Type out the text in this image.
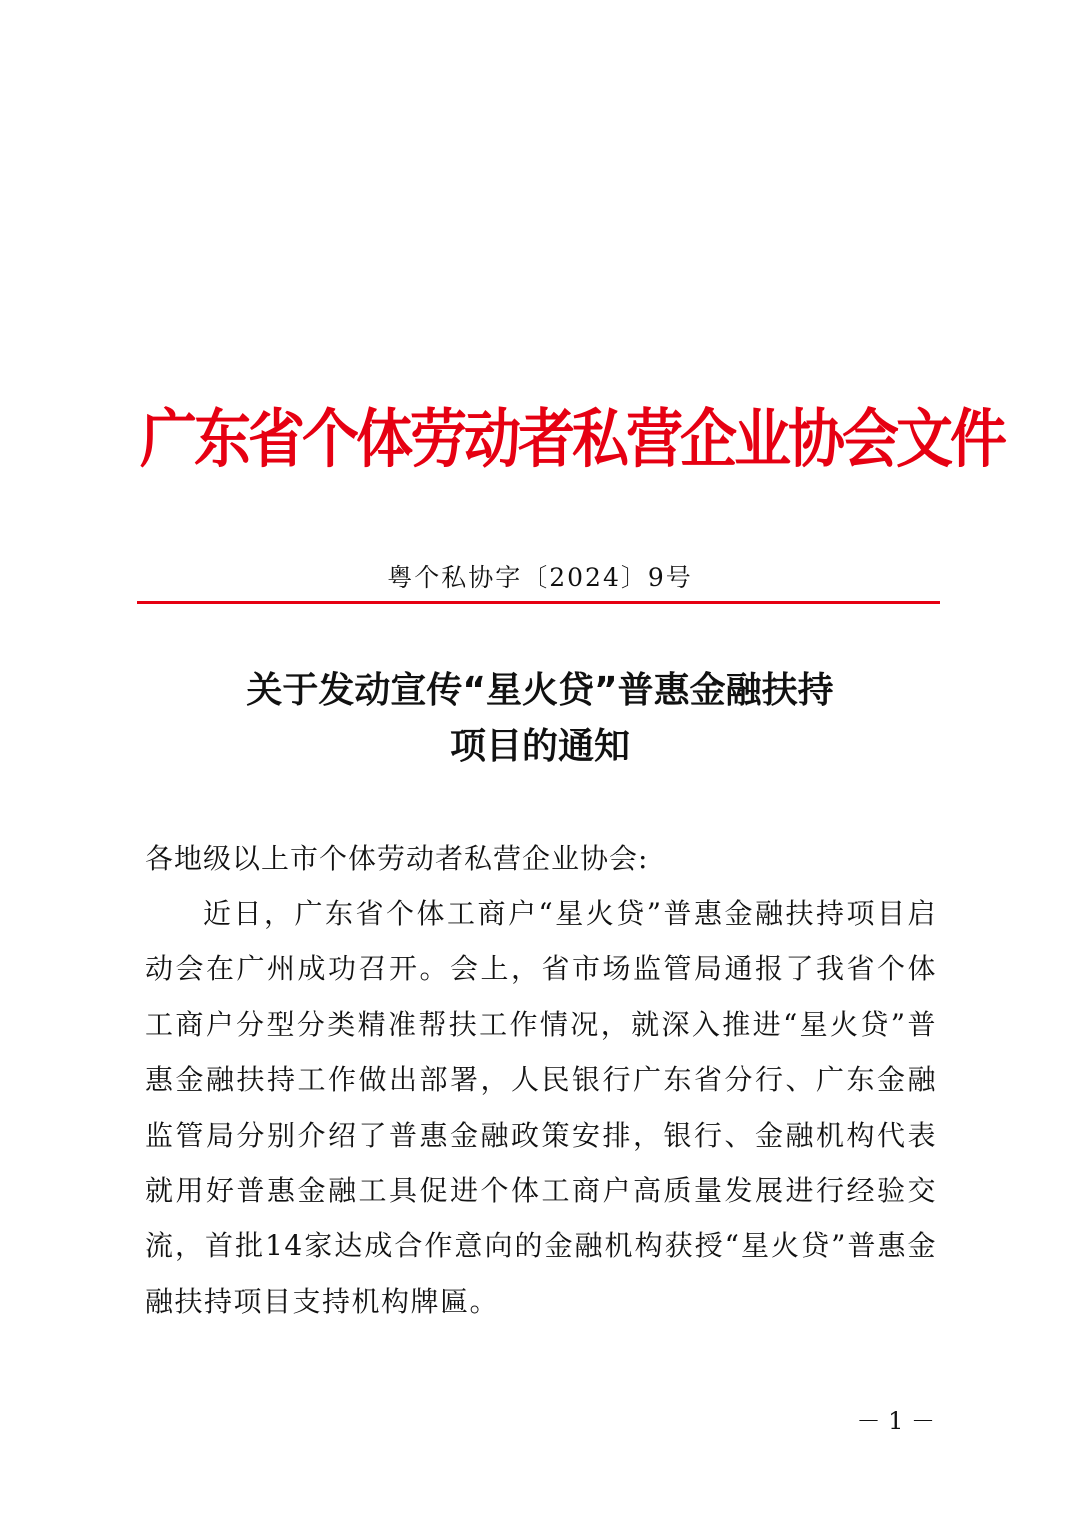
广东省个体劳动者私营企业协会文件
粤个私协字〔2024〕9号
关于发动宣传“星火贷”普惠金融扶持
项目的通知
各地级以上市个体劳动者私营企业协会:

近日，广东省个体工商户“星火贷”普惠金融扶持项目启动会在广州成功召开。会上，省市场监管局通报了我省个体工商户分型分类精准帮扶工作情况，就深入推进“星火贷”普惠金融扶持工作做出部署，人民银行广东省分行、广东金融监管局分别介绍了普惠金融政策安排，银行、金融机构代表就用好普惠金融工具促进个体工商户高质量发展进行经验交流，首批14家达成合作意向的金融机构获授“星火贷”普惠金融扶持项目支持机构牌匾。

－ 1 －
